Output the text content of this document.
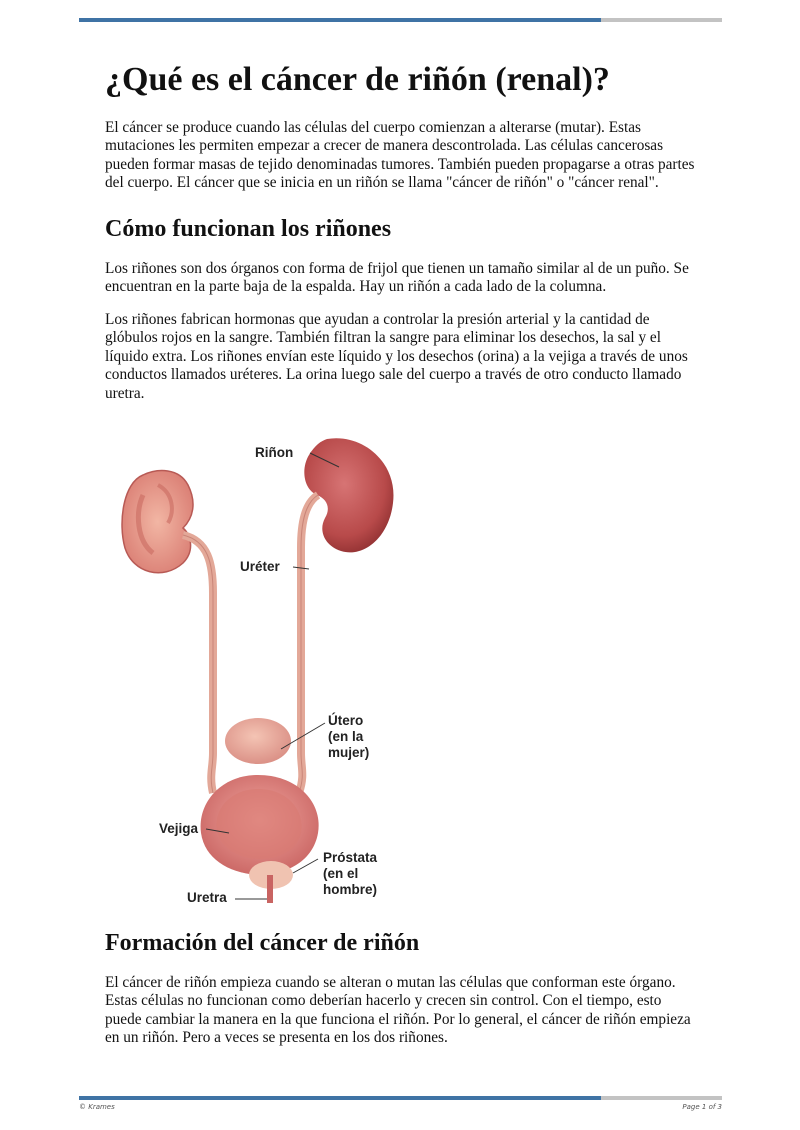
¿Qué es el cáncer de riñón (renal)?

El cáncer se produce cuando las células del cuerpo comienzan a alterarse (mutar). Estas mutaciones les permiten empezar a crecer de manera descontrolada. Las células cancerosas pueden formar masas de tejido denominadas tumores. También pueden propagarse a otras partes del cuerpo. El cáncer que se inicia en un riñón se llama "cáncer de riñón" o "cáncer renal".

Cómo funcionan los riñones

Los riñones son dos órganos con forma de frijol que tienen un tamaño similar al de un puño. Se encuentran en la parte baja de la espalda. Hay un riñón a cada lado de la columna.

Los riñones fabrican hormonas que ayudan a controlar la presión arterial y la cantidad de glóbulos rojos en la sangre. También filtran la sangre para eliminar los desechos, la sal y el líquido extra. Los riñones envían este líquido y los desechos (orina) a la vejiga a través de unos conductos llamados uréteres. La orina luego sale del cuerpo a través de otro conducto llamado uretra.

Riñon
Uréter
Útero
(en la
mujer)
Vejiga
Próstata
(en el
hombre)
Uretra
Formación del cáncer de riñón

El cáncer de riñón empieza cuando se alteran o mutan las células que conforman este órgano. Estas células no funcionan como deberían hacerlo y crecen sin control. Con el tiempo, esto puede cambiar la manera en la que funciona el riñón. Por lo general, el cáncer de riñón empieza en un riñón. Pero a veces se presenta en los dos riñones.

© Krames	Page 1 of 3
